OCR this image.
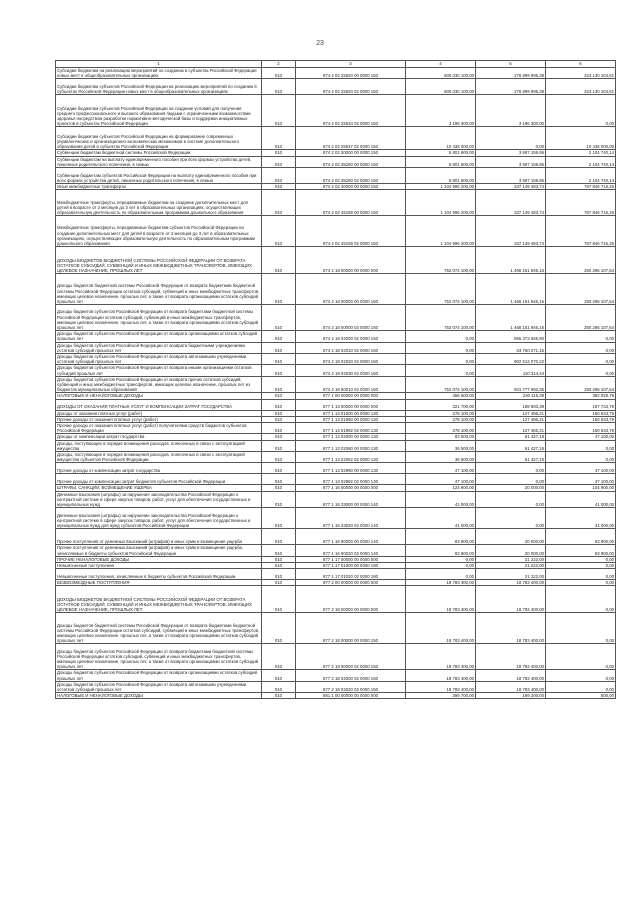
23
1	2	3	4	5	6
Субсидии бюджетам на реализацию мероприятий по созданию в субъектах Российской Федерации новых мест в общеобразовательных организациях	010	874 2 02 25520 00 0000 150	600 030 100,00	276 899 995,39	323 130 104,61
Субсидии бюджетам субъектов Российской Федерации на реализацию мероприятий по созданию в субъектах Российской Федерации новых мест в общеобразовательных организациях	010	874 2 02 25520 02 0000 150	600 030 100,00	276 899 995,39	323 130 104,61
Субсидии бюджетам субъектов Российской Федерации на создание условий для получения среднего профессионального и высшего образования людьми с ограниченными возможностями здоровья посредством разработки нормативно-методической базы и поддержки инициативных проектов в субъектах Российской Федерации	010	874 2 02 25534 02 0000 150	3 196 300,00	3 196 300,00	0,00
Субсидии бюджетам субъектов Российской Федерации на формирование современных управленческих и организационно-экономических механизмов в системе дополнительного образования детей в субъектах Российской Федерации	010	874 2 02 25537 02 0000 150	10 436 000,00	0,00	10 436 000,00
Субвенции бюджетам бюджетной системы Российской Федерации	010	874 2 02 30000 00 0000 150	5 801 900,00	3 697 159,86	2 104 740,14
Субвенции бюджетам на выплату единовременного пособия при всех формах устройства детей, лишенных родительского попечения, в семью	010	874 2 02 35260 00 0000 150	5 801 900,00	3 697 159,86	2 104 740,14
Субвенции бюджетам субъектов Российской Федерации на выплату единовременного пособия при всех формах устройства детей, лишенных родительского попечения, в семью	010	874 2 02 35260 02 0000 150	5 801 900,00	3 697 159,86	2 104 740,14
Иные межбюджетные трансферты	010	874 2 02 40000 00 0000 150	1 104 996 200,00	337 149 483,74	767 846 716,26
Межбюджетные трансферты, передаваемые бюджетам на создание дополнительных мест для детей в возрасте от 2 месяцев до 3 лет в образовательных организациях, осуществляющих образовательную деятельность по образовательным программам дошкольного образования	010	874 2 02 45159 00 0000 150	1 104 996 200,00	337 149 483,74	767 846 716,26
Межбюджетные трансферты, передаваемые бюджетам субъектов Российской Федерации на создание дополнительных мест для детей в возрасте от 2 месяцев до 3 лет в образовательных организациях, осуществляющих образовательную деятельность по образовательным программам дошкольного образования	010	874 2 02 45159 02 0000 150	1 104 996 200,00	337 149 483,74	767 846 716,26
ДОХОДЫ БЮДЖЕТОВ БЮДЖЕТНОЙ СИСТЕМЫ РОССИЙСКОЙ ФЕДЕРАЦИИ ОТ ВОЗВРАТА ОСТАТКОВ СУБСИДИЙ, СУБВЕНЦИЙ И ИНЫХ МЕЖБЮДЖЕТНЫХ ТРАНСФЕРТОВ, ИМЕЮЩИХ ЦЕЛЕВОЕ НАЗНАЧЕНИЕ, ПРОШЛЫХ ЛЕТ	010	874 2 18 00000 00 0000 000	752 074 100,00	1 468 151 946,16	250 296 107,64
Доходы бюджетов бюджетной системы Российской Федерации от возврата бюджетами бюджетной системы Российской Федерации остатков субсидий, субвенций и иных межбюджетных трансфертов, имеющих целевое назначение, прошлых лет, а также от возврата организациями остатков субсидий прошлых лет	010	874 2 18 00000 00 0000 150	752 074 100,00	1 468 151 946,16	250 296 107,64
Доходы бюджетов субъектов Российской Федерации от возврата бюджетами бюджетной системы Российской Федерации остатков субсидий, субвенций и иных межбюджетных трансфертов, имеющих целевое назначение, прошлых лет, а также от возврата организациями остатков субсидий прошлых лет	010	874 2 18 00000 02 0000 150	752 074 100,00	1 468 151 946,16	250 296 107,64
Доходы бюджетов субъектов Российской Федерации от возврата организациями остатков субсидий прошлых лет	010	874 2 18 02000 02 0000 150	0,00	966 373 655,80	0,00
Доходы бюджетов субъектов Российской Федерации от возврата бюджетными учреждениями остатков субсидий прошлых лет	010	874 2 18 02010 02 0000 150	0,00	63 750 271,15	0,00
Доходы бюджетов субъектов Российской Федерации от возврата автономными учреждениями остатков субсидий прошлых лет	010	874 2 18 02020 02 0000 150	0,00	902 513 070,22	0,00
Доходы бюджетов субъектов Российской Федерации от возврата иными организациями остатков субсидий прошлых лет	010	874 2 18 02030 02 0000 150	0,00	110 314,43	0,00
Доходы бюджетов субъектов Российской Федерации от возврата прочих остатков субсидий, субвенций и иных межбюджетных трансфертов, имеющих целевое назначение, прошлых лет из бюджетов муниципальных образований	010	874 2 18 60010 02 0000 150	752 074 100,00	501 777 992,36	250 296 107,64
НАЛОГОВЫЕ И НЕНАЛОГОВЫЕ ДОХОДЫ	010	877 1 00 00000 00 0000 000	456 600,00	230 115,39	382 029,79
ДОХОДЫ ОТ ОКАЗАНИЯ ПЛАТНЫХ УСЛУГ И КОМПЕНСАЦИИ ЗАТРАТ ГОСУДАРСТВА	010	877 1 13 00000 00 0000 000	321 700,00	188 893,39	197 733,79
Доходы от оказания платных услуг (работ)	010	877 1 13 01000 00 0000 130	278 100,00	127 496,21	150 633,79
Прочие доходы от оказания платных услуг (работ)	010	877 1 13 01990 00 0000 130	278 100,00	127 496,21	150 633,79
Прочие доходы от оказания платных услуг (работ) получателями средств бюджетов субъектов Российской Федерации	010	877 1 13 01992 02 0000 130	278 100,00	127 466,21	150 633,79
Доходы от компенсации затрат государства	010	877 1 13 02000 00 0000 130	83 600,00	61 427,18	47 100,00
Доходы, поступающие в порядке возмещения расходов, понесенных в связи с эксплуатацией имущества	010	877 1 13 02060 00 0000 130	36 500,00	61 427,18	0,00
Доходы, поступающие в порядке возмещения расходов, понесенных в связи с эксплуатацией имущества субъектов Российской Федерации	010	877 1 13 02062 02 0000 130	36 500,00	61 427,18	0,00
Прочие доходы от компенсации затрат государства	010	877 1 13 02990 00 0000 130	47 100,00	0,00	47 100,00
Прочие доходы от компенсации затрат бюджетов субъектов Российской Федерации	010	877 1 13 02992 02 0000 130	47 100,00	0,00	47 100,00
ШТРАФЫ, САНКЦИИ, ВОЗМЕЩЕНИЕ УЩЕРБА	010	877 1 16 00000 00 0000 000	124 900,00	20 000,00	104 900,00
Денежные взыскания (штрафы) за нарушение законодательства Российской Федерации о контрактной системе в сфере закупок товаров, работ, услуг для обеспечения государственных и муниципальных нужд	010	877 1 16 33000 00 0000 140	41 000,00	0,00	41 000,00
Денежные взыскания (штрафы) за нарушение законодательства Российской Федерации о контрактной системе в сфере закупок товаров, работ, услуг для обеспечения государственных и муниципальных нужд для нужд субъектов Российской Федерации	010	877 1 16 33020 02 0000 140	41 000,00	0,00	41 000,00
Прочие поступления от денежных взысканий (штрафов) и иных сумм в возмещение ущерба	010	877 1 16 90000 00 0000 140	83 900,00	20 000,00	63 900,00
Прочие поступления от денежных взысканий (штрафов) и иных сумм в возмещение ущерба, зачисляемые в бюджеты субъектов Российской Федерации	010	877 1 16 90020 02 0000 140	83 900,00	20 000,00	63 900,00
ПРОЧИЕ НЕНАЛОГОВЫЕ ДОХОДЫ	010	877 1 17 00000 00 0000 000	0,00	21 222,00	0,00
Невыясненные поступления	010	877 1 17 01000 00 0000 180	0,00	21 222,00	0,00
Невыясненные поступления, зачисляемые в бюджеты субъектов Российской Федерации	010	877 1 17 01020 02 0000 180	0,00	21 222,00	0,00
БЕЗВОЗМЕЗДНЫЕ ПОСТУПЛЕНИЯ	010	877 2 00 00000 00 0000 000	18 783 400,00	18 783 400,00	0,00
ДОХОДЫ БЮДЖЕТОВ БЮДЖЕТНОЙ СИСТЕМЫ РОССИЙСКОЙ ФЕДЕРАЦИИ ОТ ВОЗВРАТА ОСТАТКОВ СУБСИДИЙ, СУБВЕНЦИЙ И ИНЫХ МЕЖБЮДЖЕТНЫХ ТРАНСФЕРТОВ, ИМЕЮЩИХ ЦЕЛЕВОЕ НАЗНАЧЕНИЕ, ПРОШЛЫХ ЛЕТ	010	877 2 18 00000 00 0000 000	18 783 400,00	18 783 400,00	0,00
Доходы бюджетов бюджетной системы Российской Федерации от возврата бюджетами бюджетной системы Российской Федерации остатков субсидий, субвенций и иных межбюджетных трансфертов, имеющих целевое назначение, прошлых лет, а также от возврата организациями остатков субсидий прошлых лет	010	877 2 18 00000 00 0000 150	18 783 400,00	18 783 400,00	0,00
Доходы бюджетов субъектов Российской Федерации от возврата бюджетами бюджетной системы Российской Федерации остатков субсидий, субвенций и иных межбюджетных трансфертов, имеющих целевое назначение, прошлых лет, а также от возврата организациями остатков субсидий прошлых лет	010	877 2 18 00000 02 0000 150	18 783 400,00	18 783 400,00	0,00
Доходы бюджетов субъектов Российской Федерации от возврата организациями остатков субсидий прошлых лет	010	877 2 18 02000 02 0000 150	18 783 400,00	18 783 400,00	0,00
Доходы бюджетов субъектов Российской Федерации от возврата автономными учреждениями остатков субсидий прошлых лет	010	877 2 18 02020 02 0000 150	18 783 400,00	18 783 400,00	0,00
НАЛОГОВЫЕ И НЕНАЛОГОВЫЕ ДОХОДЫ	010	881 1 00 00000 00 0000 000	399 700,00	199 200,00	500,00
